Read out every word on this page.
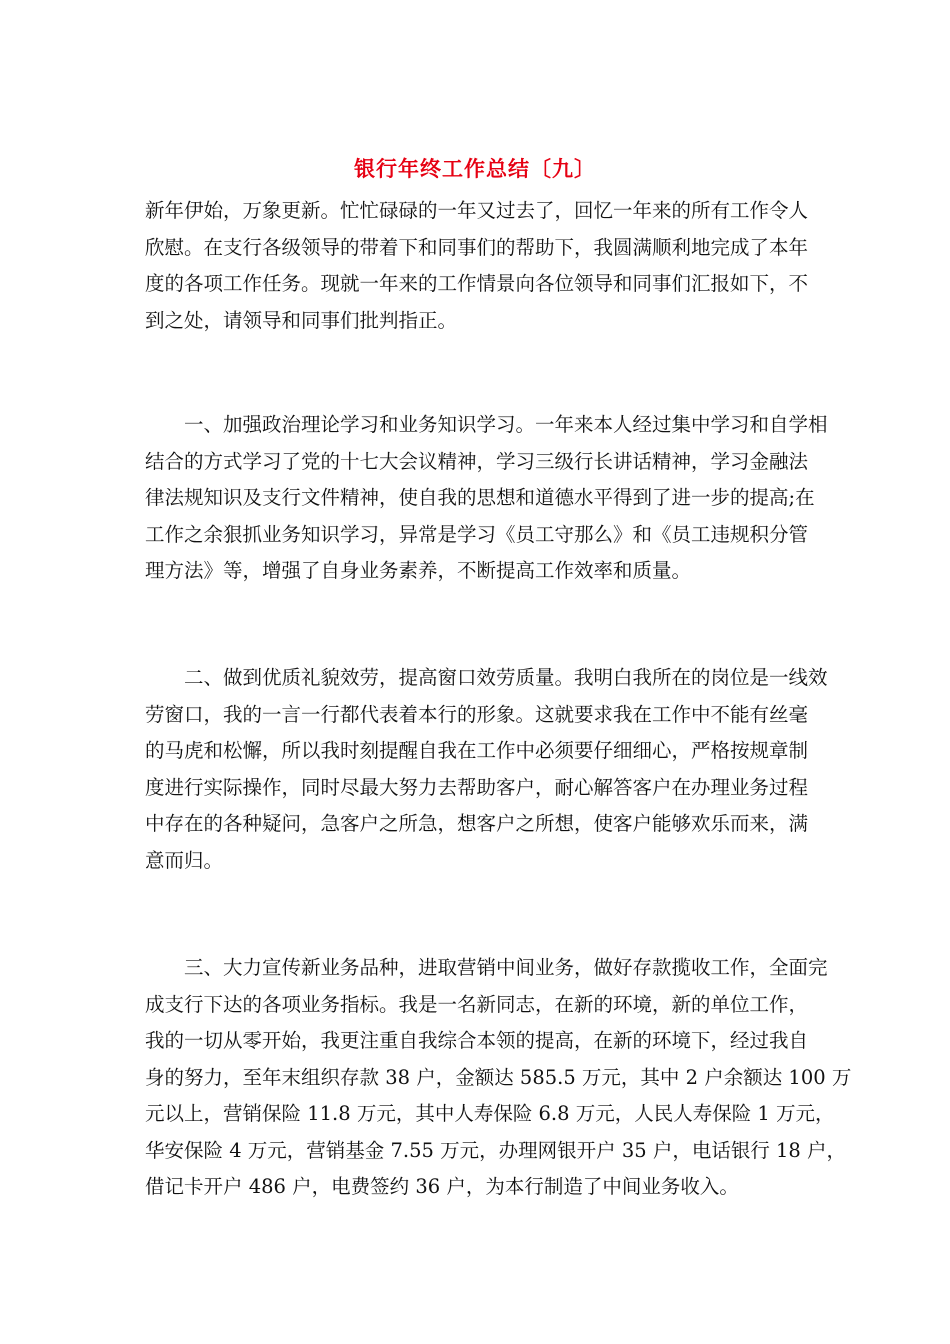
银行年终工作总结〔九〕
新年伊始，万象更新。忙忙碌碌的一年又过去了，回忆一年来的所有工作令人
欣慰。在支行各级领导的带着下和同事们的帮助下，我圆满顺利地完成了本年
度的各项工作任务。现就一年来的工作情景向各位领导和同事们汇报如下，不
到之处，请领导和同事们批判指正。
一、加强政治理论学习和业务知识学习。一年来本人经过集中学习和自学相
结合的方式学习了党的十七大会议精神，学习三级行长讲话精神，学习金融法
律法规知识及支行文件精神，使自我的思想和道德水平得到了进一步的提高;在
工作之余狠抓业务知识学习，异常是学习《员工守那么》和《员工违规积分管
理方法》等，增强了自身业务素养，不断提高工作效率和质量。
二、做到优质礼貌效劳，提高窗口效劳质量。我明白我所在的岗位是一线效
劳窗口，我的一言一行都代表着本行的形象。这就要求我在工作中不能有丝毫
的马虎和松懈，所以我时刻提醒自我在工作中必须要仔细细心，严格按规章制
度进行实际操作，同时尽最大努力去帮助客户，耐心解答客户在办理业务过程
中存在的各种疑问，急客户之所急，想客户之所想，使客户能够欢乐而来，满
意而归。
三、大力宣传新业务品种，进取营销中间业务，做好存款揽收工作，全面完
成支行下达的各项业务指标。我是一名新同志，在新的环境，新的单位工作，
我的一切从零开始，我更注重自我综合本领的提高，在新的环境下，经过我自
身的努力，至年末组织存款 38 户，金额达 585.5 万元，其中 2 户余额达 100 万
元以上，营销保险 11.8 万元，其中人寿保险 6.8 万元，人民人寿保险 1 万元，
华安保险 4 万元，营销基金 7.55 万元，办理网银开户 35 户，电话银行 18 户，
借记卡开户 486 户，电费签约 36 户，为本行制造了中间业务收入。
